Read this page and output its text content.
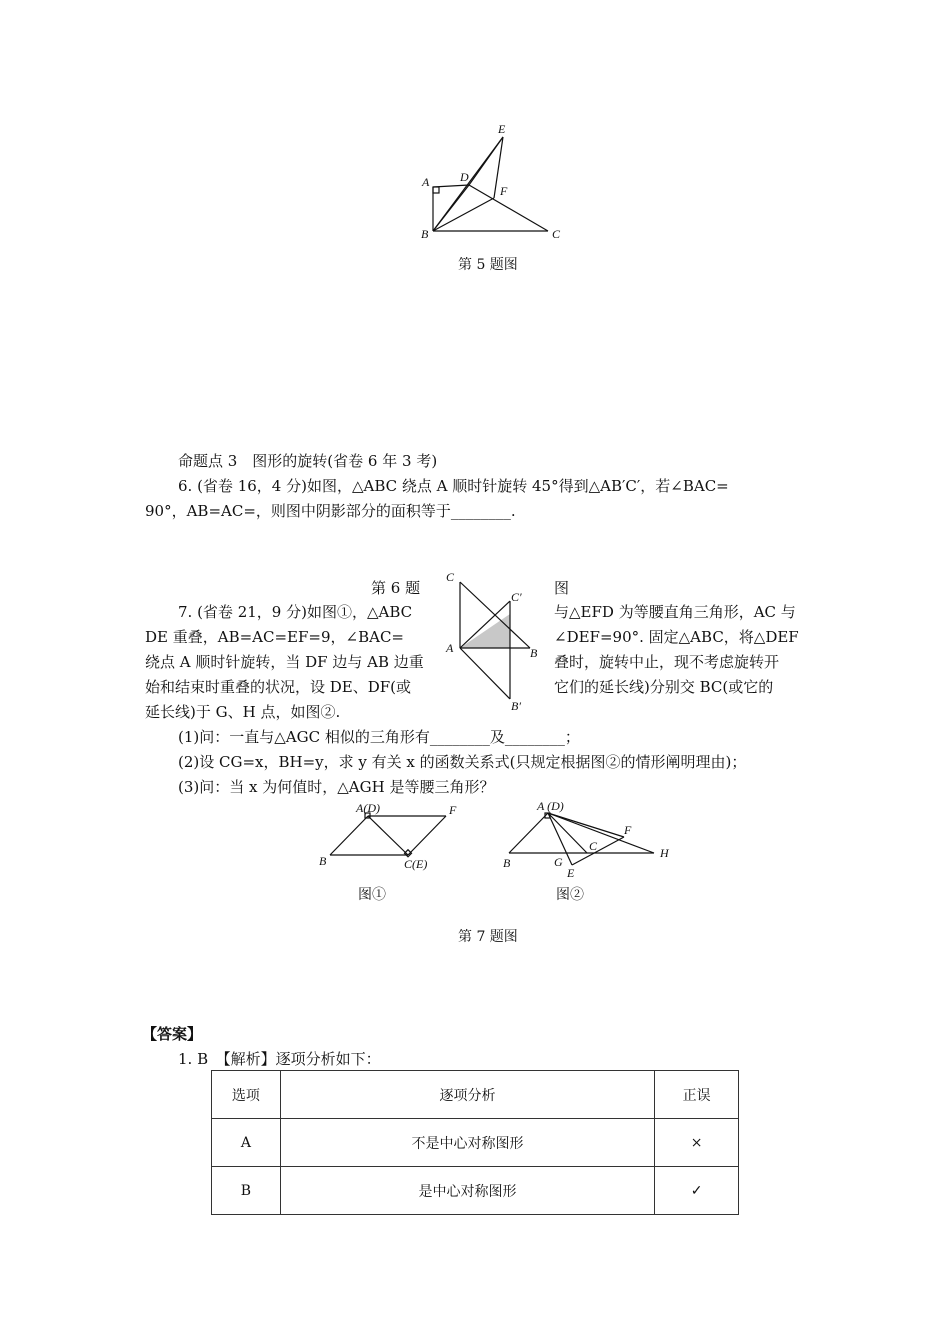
E
A	D
F
B	C
第 5 题图
命题点 3　图形的旋转(省卷 6 年 3 考)
6. (省卷 16，4 分)如图，△ABC 绕点 A 顺时针旋转 45°得到△AB′C′，若∠BAC=
90°，AB=AC=，则图中阴影部分的面积等于________.
C
C′
A	B
B′
第 6 题	图
7. (省卷 21，9 分)如图①，△ABC	与△EFD 为等腰直角三角形，AC 与
DE 重叠，AB=AC=EF=9，∠BAC=	∠DEF=90°. 固定△ABC，将△DEF
绕点 A 顺时针旋转，当 DF 边与 AB 边重	叠时，旋转中止，现不考虑旋转开
始和结束时重叠的状况，设 DE、DF(或	它们的延长线)分别交 BC(或它的
延长线)于 G、H 点，如图②.
(1)问：一直与△AGC 相似的三角形有________及________；
(2)设 CG=x，BH=y，求 y 有关 x 的函数关系式(只规定根据图②的情形阐明理由)；
(3)问：当 x 为何值时，△AGH 是等腰三角形？
A(D)	F
B	C(E)
A (D)
F
C
B	G
E
H
图①	图②
第 7 题图
【答案】
1. B　【解析】逐项分析如下：
选项	逐项分析	正误
A	不是中心对称图形	×
B	是中心对称图形	✓
